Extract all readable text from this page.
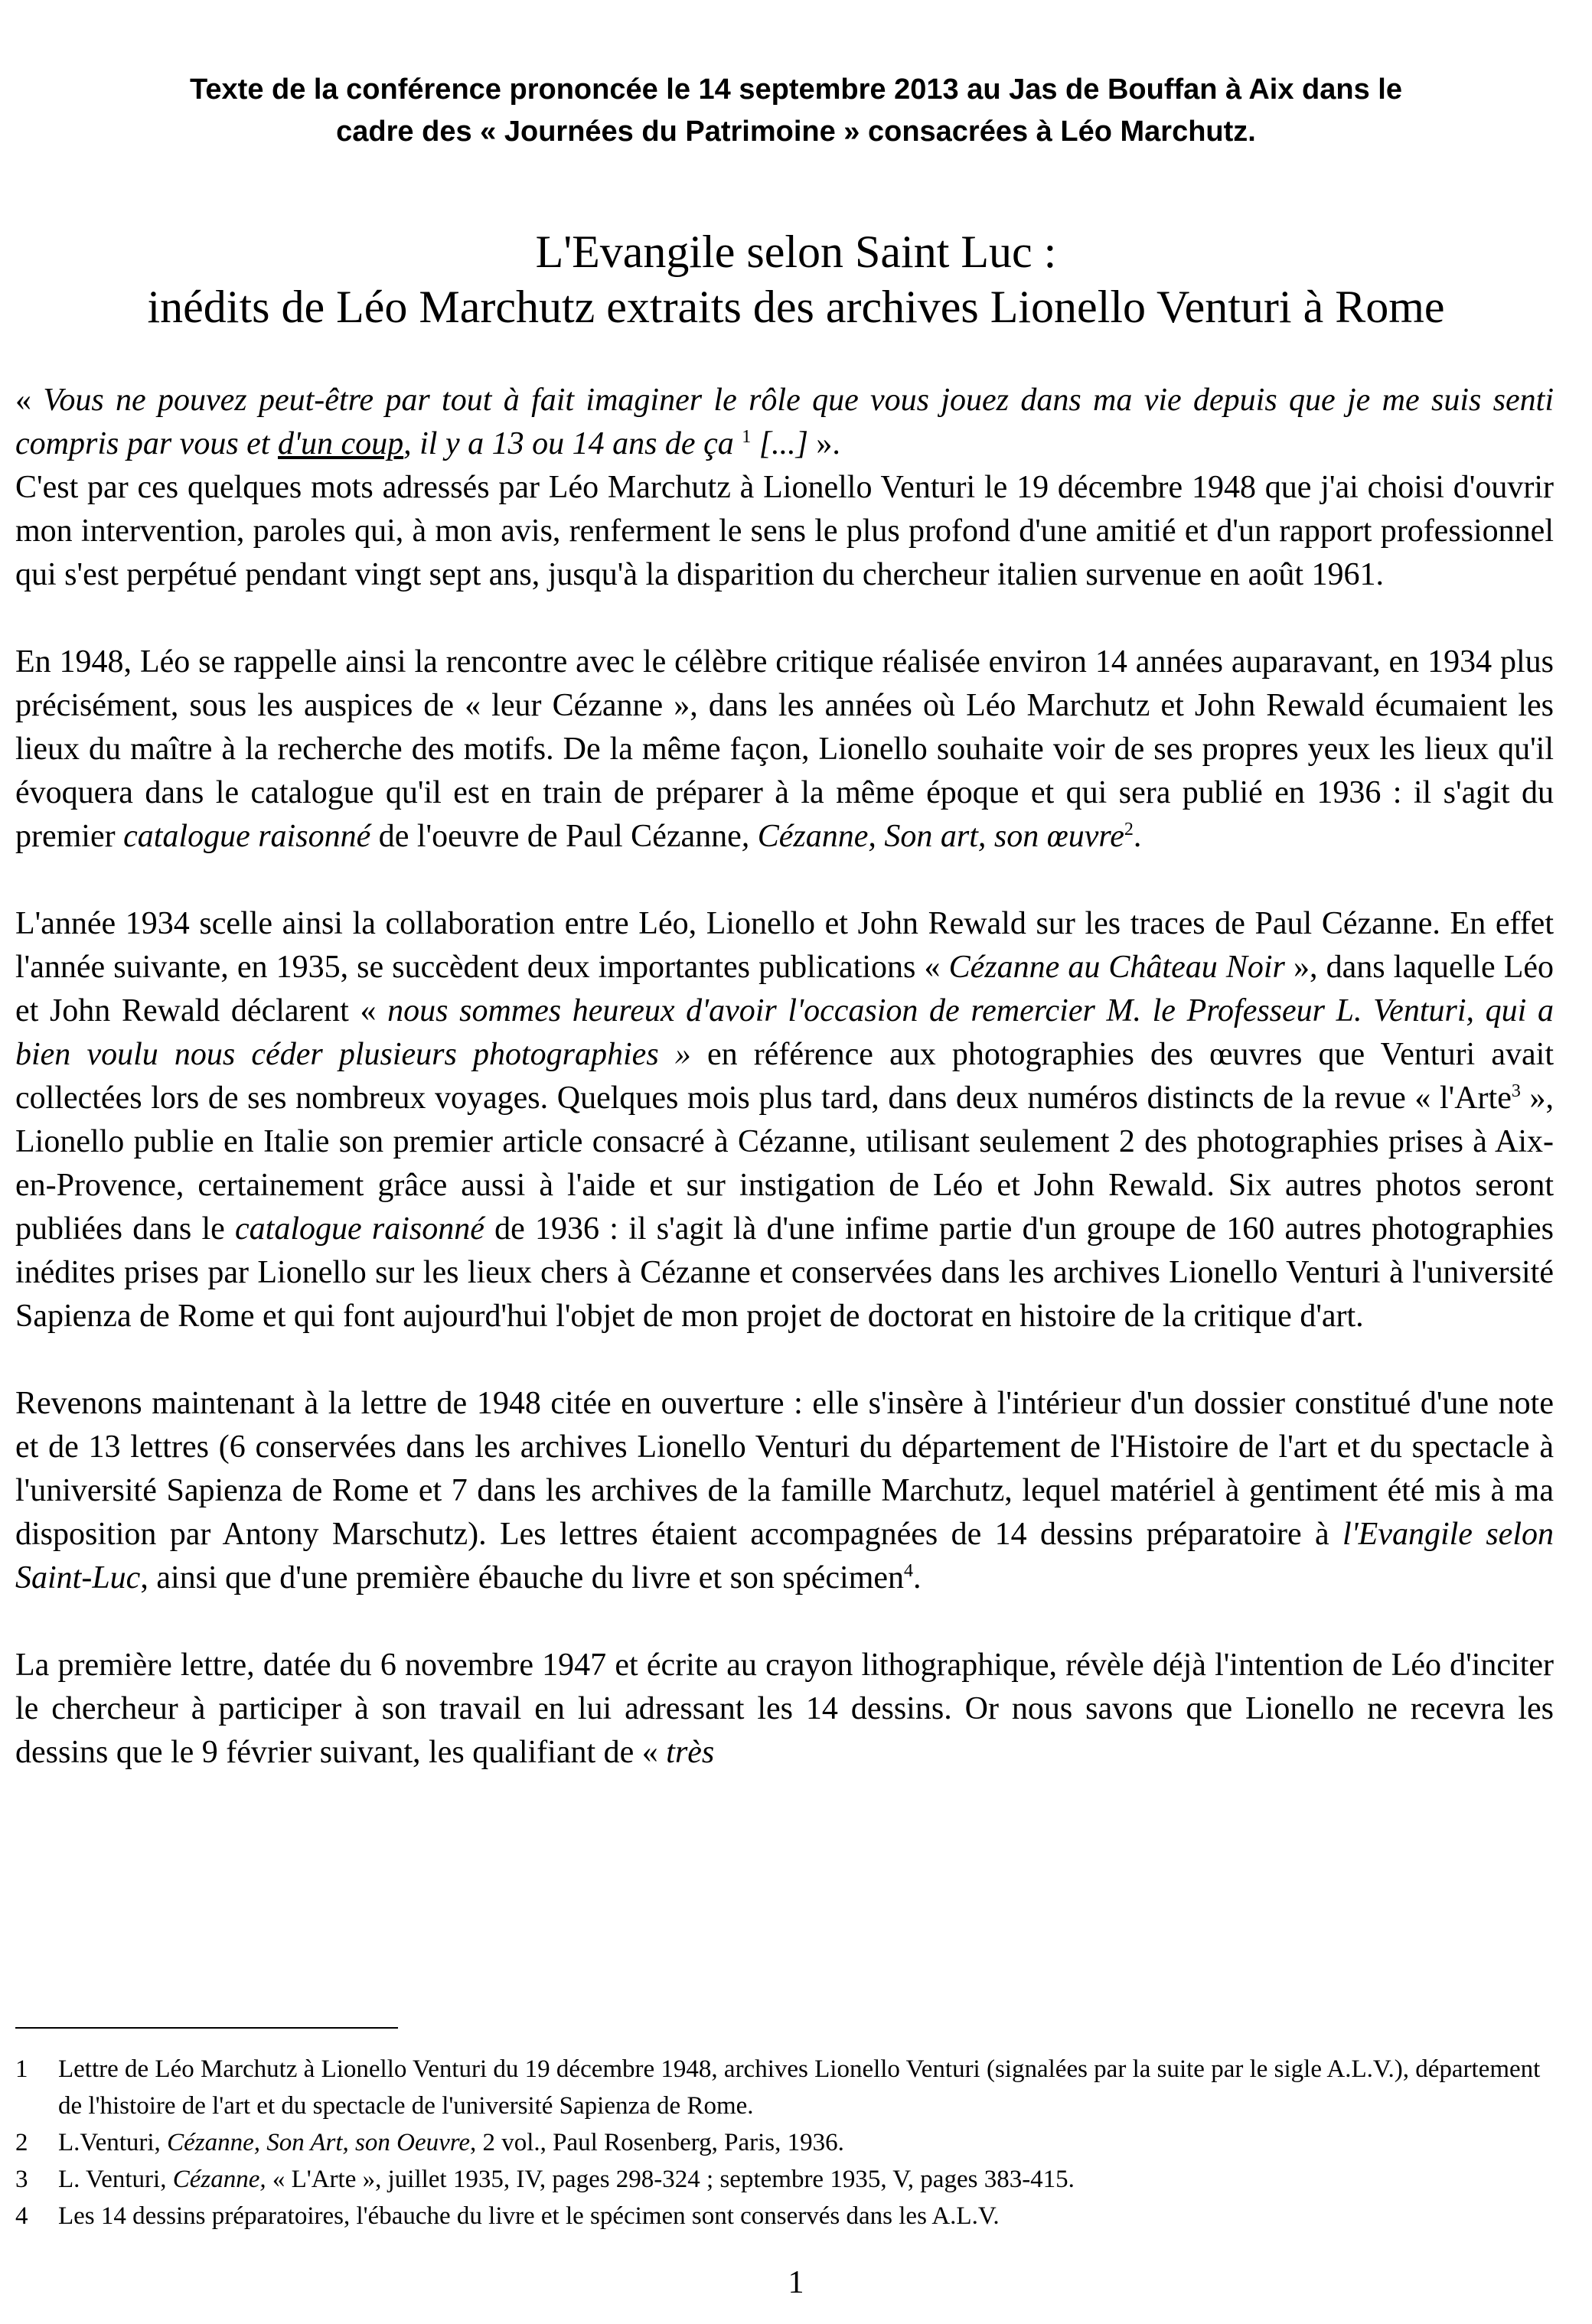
Texte de la conférence prononcée le 14 septembre 2013 au Jas de Bouffan à Aix dans le
cadre des « Journées du Patrimoine » consacrées à Léo Marchutz.
L'Evangile selon Saint Luc :
inédits de Léo Marchutz extraits des archives Lionello Venturi à Rome

« Vous ne pouvez peut-être par tout à fait imaginer le rôle que vous jouez dans ma vie depuis que je me suis senti compris par vous et d'un coup, il y a 13 ou 14 ans de ça $^1$ [...] ».

C'est par ces quelques mots adressés par Léo Marchutz à Lionello Venturi le 19 décembre 1948 que j'ai choisi d'ouvrir mon intervention, paroles qui, à mon avis, renferment le sens le plus profond d'une amitié et d'un rapport professionnel qui s'est perpétué pendant vingt sept ans, jusqu'à la disparition du chercheur italien survenue en août 1961.

En 1948, Léo se rappelle ainsi la rencontre avec le célèbre critique réalisée environ 14 années auparavant, en 1934 plus précisément, sous les auspices de « leur Cézanne », dans les années où Léo Marchutz et John Rewald écumaient les lieux du maître à la recherche des motifs. De la même façon, Lionello souhaite voir de ses propres yeux les lieux qu'il évoquera dans le catalogue qu'il est en train de préparer à la même époque et qui sera publié en 1936 : il s'agit du premier catalogue raisonné de l'oeuvre de Paul Cézanne, Cézanne, Son art, son œuvre$^2$.

L'année 1934 scelle ainsi la collaboration entre Léo, Lionello et John Rewald sur les traces de Paul Cézanne. En effet l'année suivante, en 1935, se succèdent deux importantes publications « Cézanne au Château Noir », dans laquelle Léo et John Rewald déclarent « nous sommes heureux d'avoir l'occasion de remercier M. le Professeur L. Venturi, qui a bien voulu nous céder plusieurs photographies » en référence aux photographies des œuvres que Venturi avait collectées lors de ses nombreux voyages. Quelques mois plus tard, dans deux numéros distincts de la revue « l'Arte$^3$ », Lionello publie en Italie son premier article consacré à Cézanne, utilisant seulement 2 des photographies prises à Aix-en-Provence, certainement grâce aussi à l'aide et sur instigation de Léo et John Rewald. Six autres photos seront publiées dans le catalogue raisonné de 1936 : il s'agit là d'une infime partie d'un groupe de 160 autres photographies inédites prises par Lionello sur les lieux chers à Cézanne et conservées dans les archives Lionello Venturi à l'université Sapienza de Rome et qui font aujourd'hui l'objet de mon projet de doctorat en histoire de la critique d'art.

Revenons maintenant à la lettre de 1948 citée en ouverture : elle s'insère à l'intérieur d'un dossier constitué d'une note et de 13 lettres (6 conservées dans les archives Lionello Venturi du département de l'Histoire de l'art et du spectacle à l'université Sapienza de Rome et 7 dans les archives de la famille Marchutz, lequel matériel à gentiment été mis à ma disposition par Antony Marschutz). Les lettres étaient accompagnées de 14 dessins préparatoire à l'Evangile selon Saint-Luc, ainsi que d'une première ébauche du livre et son spécimen$^4$.

La première lettre, datée du 6 novembre 1947 et écrite au crayon lithographique, révèle déjà l'intention de Léo d'inciter le chercheur à participer à son travail en lui adressant les 14 dessins. Or nous savons que Lionello ne recevra les dessins que le 9 février suivant, les qualifiant de « très

1	Lettre de Léo Marchutz à Lionello Venturi du 19 décembre 1948, archives Lionello Venturi (signalées par la suite par le sigle A.L.V.), département de l'histoire de l'art et du spectacle de l'université Sapienza de Rome.
2	L.Venturi, Cézanne, Son Art, son Oeuvre, 2 vol., Paul Rosenberg, Paris, 1936.
3	L. Venturi, Cézanne, « L'Arte », juillet 1935, IV, pages 298-324 ; septembre 1935, V, pages 383-415.
4	Les 14 dessins préparatoires, l'ébauche du livre et le spécimen sont conservés dans les A.L.V.
1
